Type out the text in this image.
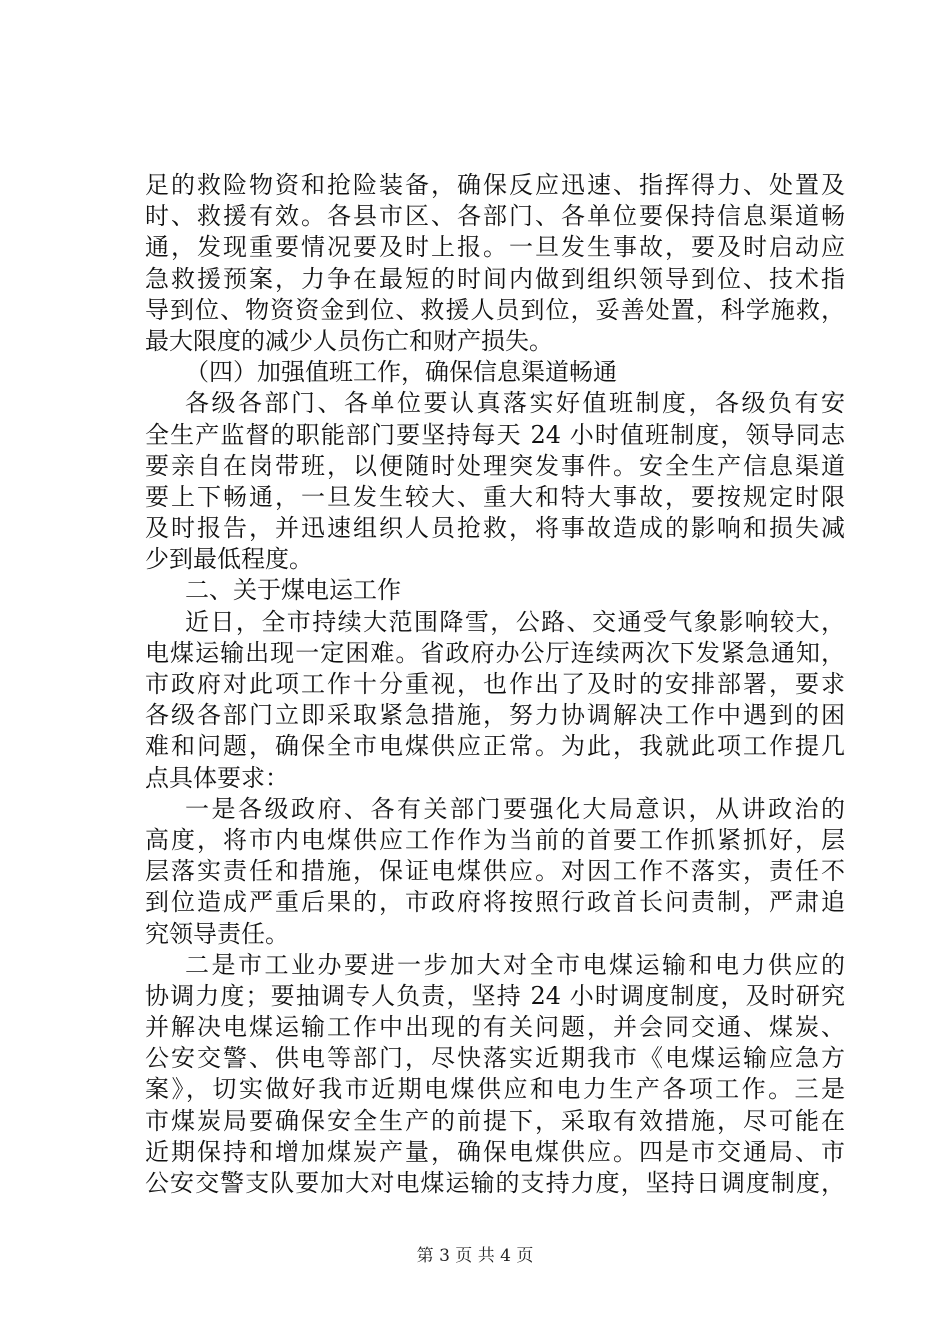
足的救险物资和抢险装备，确保反应迅速、指挥得力、处置及
时、救援有效。各县市区、各部门、各单位要保持信息渠道畅
通，发现重要情况要及时上报。一旦发生事故，要及时启动应
急救援预案，力争在最短的时间内做到组织领导到位、技术指
导到位、物资资金到位、救援人员到位，妥善处置，科学施救，
最大限度的减少人员伤亡和财产损失。
（四）加强值班工作，确保信息渠道畅通
各级各部门、各单位要认真落实好值班制度，各级负有安
全生产监督的职能部门要坚持每天 24 小时值班制度，领导同志
要亲自在岗带班，以便随时处理突发事件。安全生产信息渠道
要上下畅通，一旦发生较大、重大和特大事故，要按规定时限
及时报告，并迅速组织人员抢救，将事故造成的影响和损失减
少到最低程度。
二、关于煤电运工作
近日，全市持续大范围降雪，公路、交通受气象影响较大，
电煤运输出现一定困难。省政府办公厅连续两次下发紧急通知，
市政府对此项工作十分重视，也作出了及时的安排部署，要求
各级各部门立即采取紧急措施，努力协调解决工作中遇到的困
难和问题，确保全市电煤供应正常。为此，我就此项工作提几
点具体要求：
一是各级政府、各有关部门要强化大局意识，从讲政治的
高度，将市内电煤供应工作作为当前的首要工作抓紧抓好，层
层落实责任和措施，保证电煤供应。对因工作不落实，责任不
到位造成严重后果的，市政府将按照行政首长问责制，严肃追
究领导责任。
二是市工业办要进一步加大对全市电煤运输和电力供应的
协调力度；要抽调专人负责，坚持 24 小时调度制度，及时研究
并解决电煤运输工作中出现的有关问题，并会同交通、煤炭、
公安交警、供电等部门，尽快落实近期我市《电煤运输应急方
案》，切实做好我市近期电煤供应和电力生产各项工作。三是
市煤炭局要确保安全生产的前提下，采取有效措施，尽可能在
近期保持和增加煤炭产量，确保电煤供应。四是市交通局、市
公安交警支队要加大对电煤运输的支持力度，坚持日调度制度，
第 3 页 共 4 页
